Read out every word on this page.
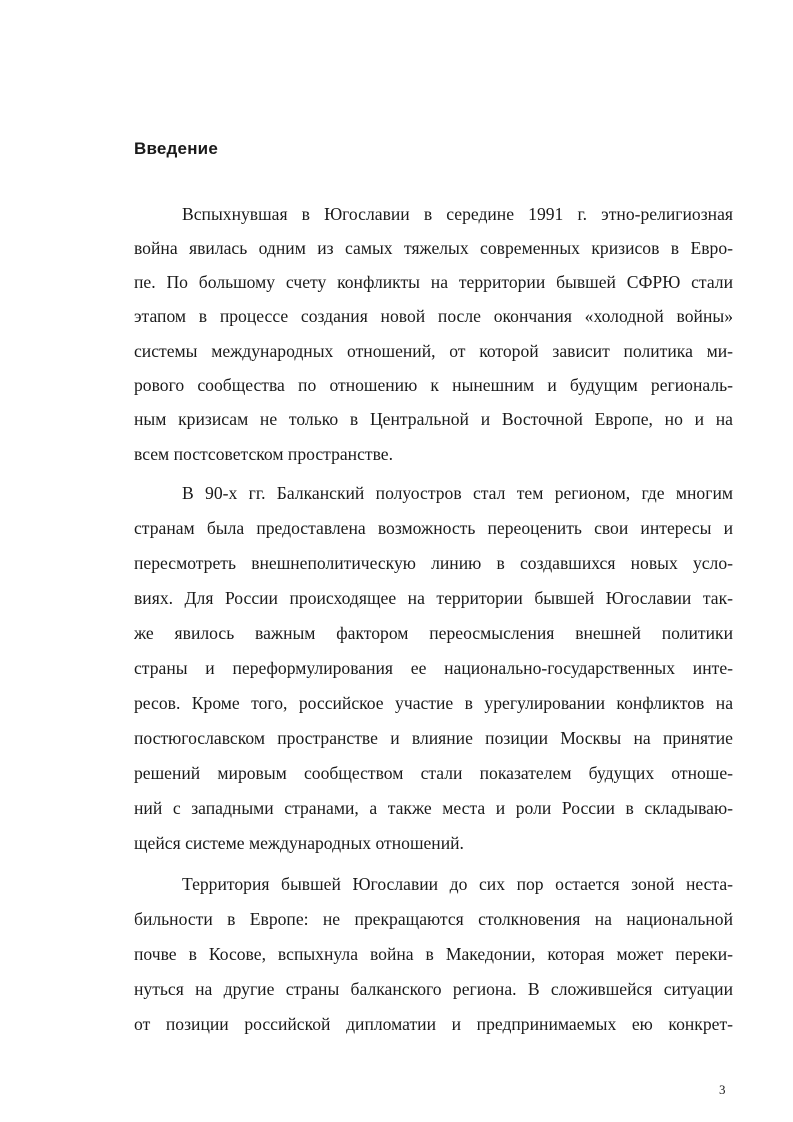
Введение

Вспыхнувшая в Югославии в середине 1991 г. этно-религиозная

война явилась одним из самых тяжелых современных кризисов в Евро-

пе. По большому счету конфликты на территории бывшей СФРЮ стали

этапом в процессе создания новой после окончания «холодной войны»

системы международных отношений, от которой зависит политика ми-

рового сообщества по отношению к нынешним и будущим региональ-

ным кризисам не только в Центральной и Восточной Европе, но и на

всем постсоветском пространстве.

В 90-х гг. Балканский полуостров стал тем регионом, где многим

странам была предоставлена возможность переоценить свои интересы и

пересмотреть внешнеполитическую линию в создавшихся новых усло-

виях. Для России происходящее на территории бывшей Югославии так-

же явилось важным фактором переосмысления внешней политики

страны и переформулирования ее национально-государственных инте-

ресов. Кроме того, российское участие в урегулировании конфликтов на

постюгославском пространстве и влияние позиции Москвы на принятие

решений мировым сообществом стали показателем будущих отноше-

ний с западными странами, а также места и роли России в складываю-

щейся системе международных отношений.

Территория бывшей Югославии до сих пор остается зоной неста-

бильности в Европе: не прекращаются столкновения на национальной

почве в Косове, вспыхнула война в Македонии, которая может переки-

нуться на другие страны балканского региона. В сложившейся ситуации

от позиции российской дипломатии и предпринимаемых ею конкрет-

3
